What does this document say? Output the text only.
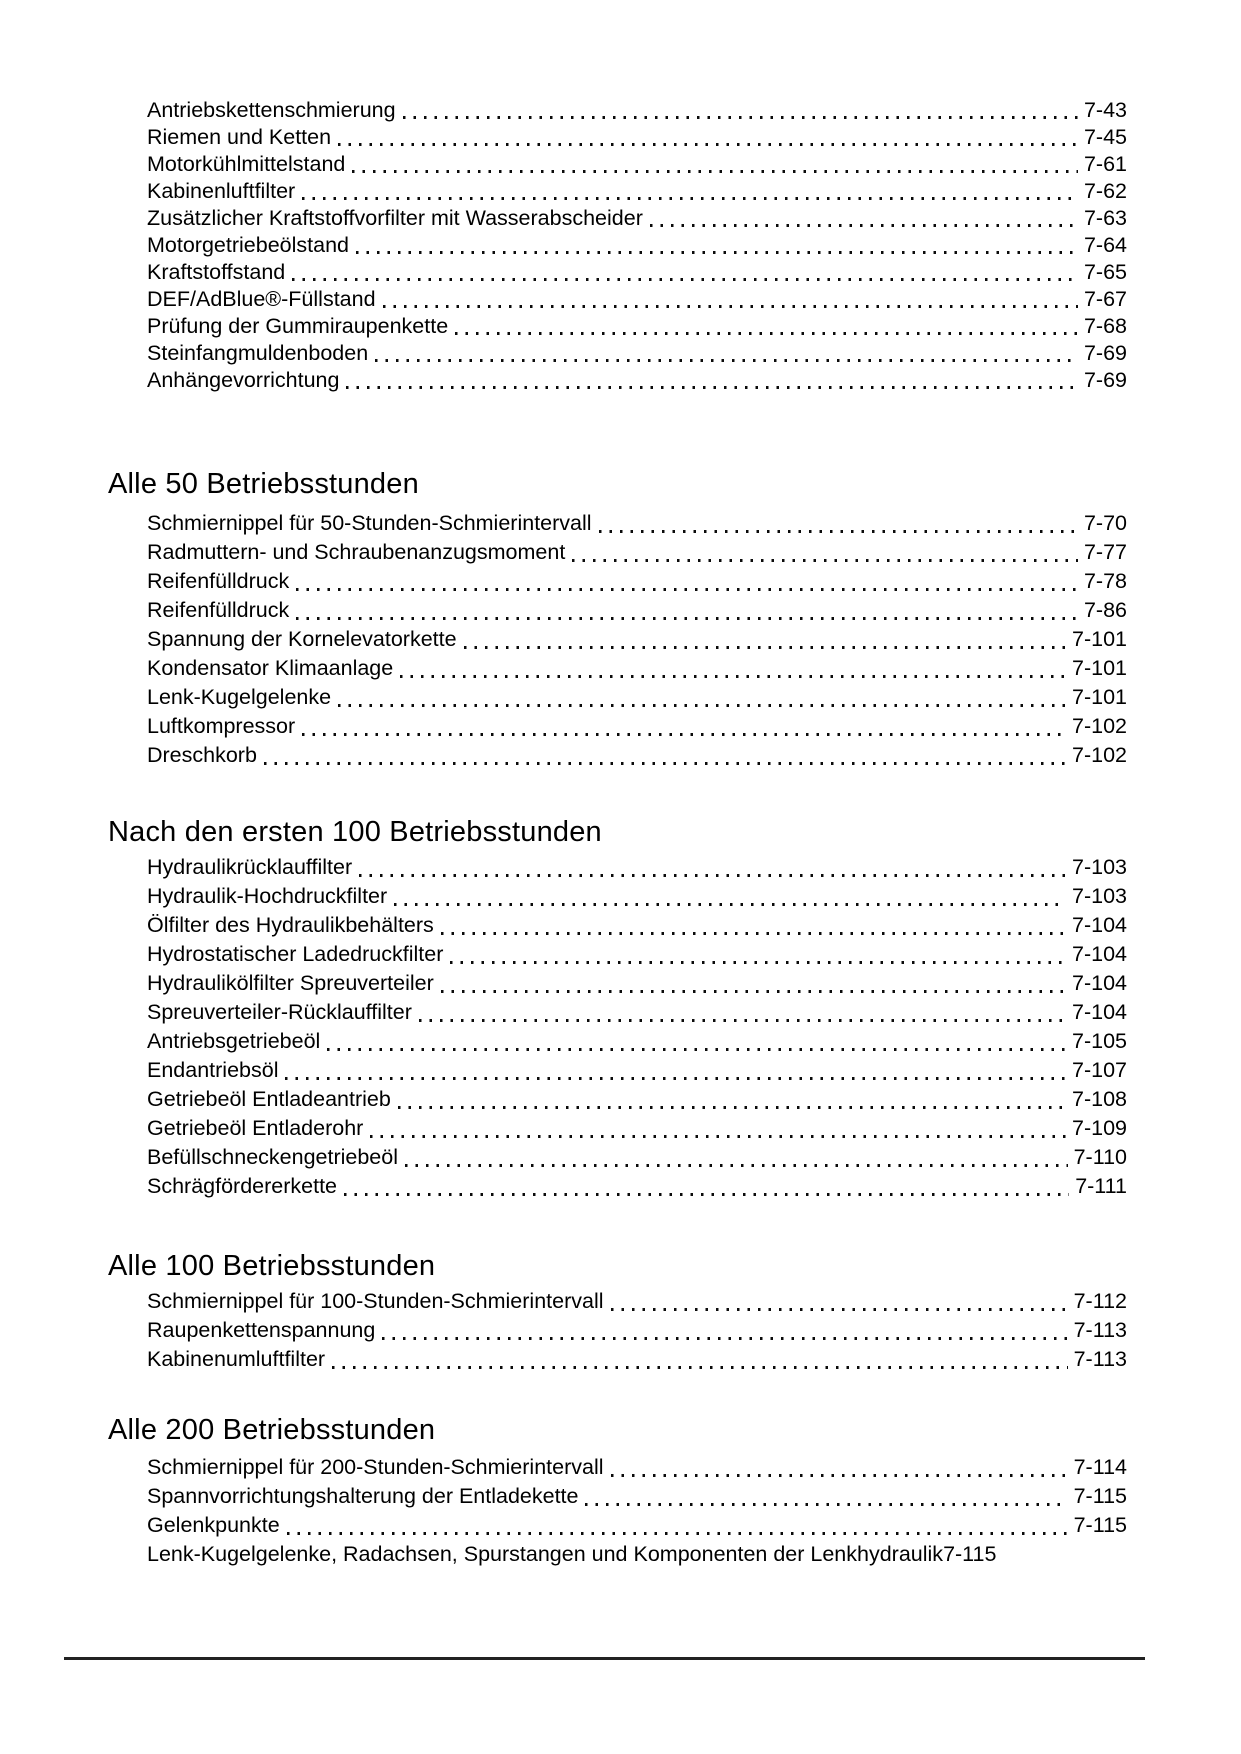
Antriebskettenschmierung	7-43
Riemen und Ketten	7-45
Motorkühlmittelstand	7-61
Kabinenluftfilter	7-62
Zusätzlicher Kraftstoffvorfilter mit Wasserabscheider	7-63
Motorgetriebeölstand	7-64
Kraftstoffstand	7-65
DEF/AdBlue®-Füllstand	7-67
Prüfung der Gummiraupenkette	7-68
Steinfangmuldenboden	7-69
Anhängevorrichtung	7-69
Alle 50 Betriebsstunden
Schmiernippel für 50-Stunden-Schmierintervall	7-70
Radmuttern- und Schraubenanzugsmoment	7-77
Reifenfülldruck	7-78
Reifenfülldruck	7-86
Spannung der Kornelevatorkette	7-101
Kondensator Klimaanlage	7-101
Lenk-Kugelgelenke	7-101
Luftkompressor	7-102
Dreschkorb	7-102
Nach den ersten 100 Betriebsstunden
Hydraulikrücklauffilter	7-103
Hydraulik-Hochdruckfilter	7-103
Ölfilter des Hydraulikbehälters	7-104
Hydrostatischer Ladedruckfilter	7-104
Hydraulikölfilter Spreuverteiler	7-104
Spreuverteiler-Rücklauffilter	7-104
Antriebsgetriebeöl	7-105
Endantriebsöl	7-107
Getriebeöl Entladeantrieb	7-108
Getriebeöl Entladerohr	7-109
Befüllschneckengetriebeöl	7-110
Schrägfördererkette	7-111
Alle 100 Betriebsstunden
Schmiernippel für 100-Stunden-Schmierintervall	7-112
Raupenkettenspannung	7-113
Kabinenumluftfilter	7-113
Alle 200 Betriebsstunden
Schmiernippel für 200-Stunden-Schmierintervall	7-114
Spannvorrichtungshalterung der Entladekette	7-115
Gelenkpunkte	7-115
Lenk-Kugelgelenke, Radachsen, Spurstangen und Komponenten der Lenkhydraulik 7-115
